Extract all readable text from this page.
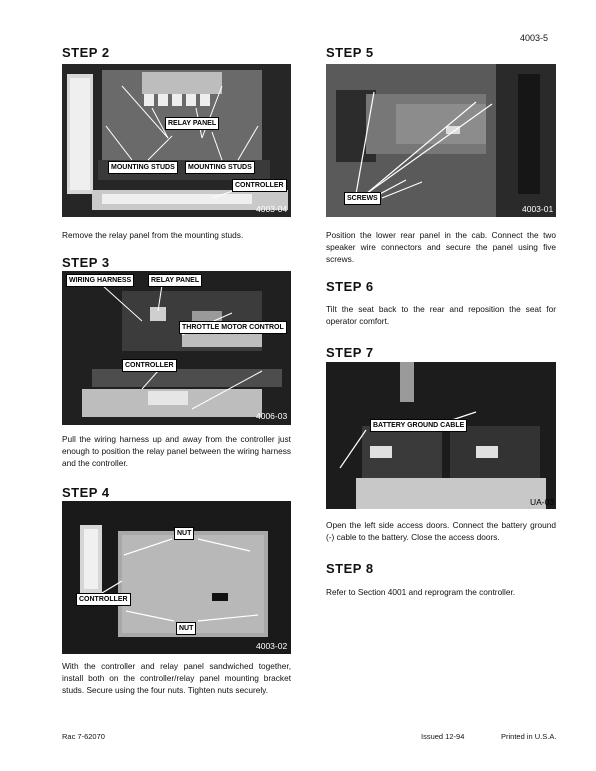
4003-5
STEP 2
RELAY PANEL
MOUNTING STUDS	MOUNTING STUDS
CONTROLLER
4003-04
Remove the relay panel from the mounting studs.
STEP 3
WIRING HARNESS	RELAY PANEL
THROTTLE MOTOR CONTROL
CONTROLLER
4006-03
Pull the wiring harness up and away from the controller just enough to position the relay panel between the wiring harness and the controller.
STEP 4
NUT
CONTROLLER
NUT
4003-02
With the controller and relay panel sandwiched together, install both on the controller/relay panel mounting bracket studs. Secure using the four nuts. Tighten nuts securely.
STEP 5
SCREWS
4003-01
Position the lower rear panel in the cab. Connect the two speaker wire connectors and secure the panel using five screws.
STEP 6
Tilt the seat back to the rear and reposition the seat for operator comfort.
STEP 7
BATTERY GROUND CABLE
UA-03
Open the left side access doors. Connect the battery ground (-) cable to the battery. Close the access doors.
STEP 8
Refer to Section 4001 and reprogram the controller.
Rac 7-62070	Issued 12-94	Printed in U.S.A.
